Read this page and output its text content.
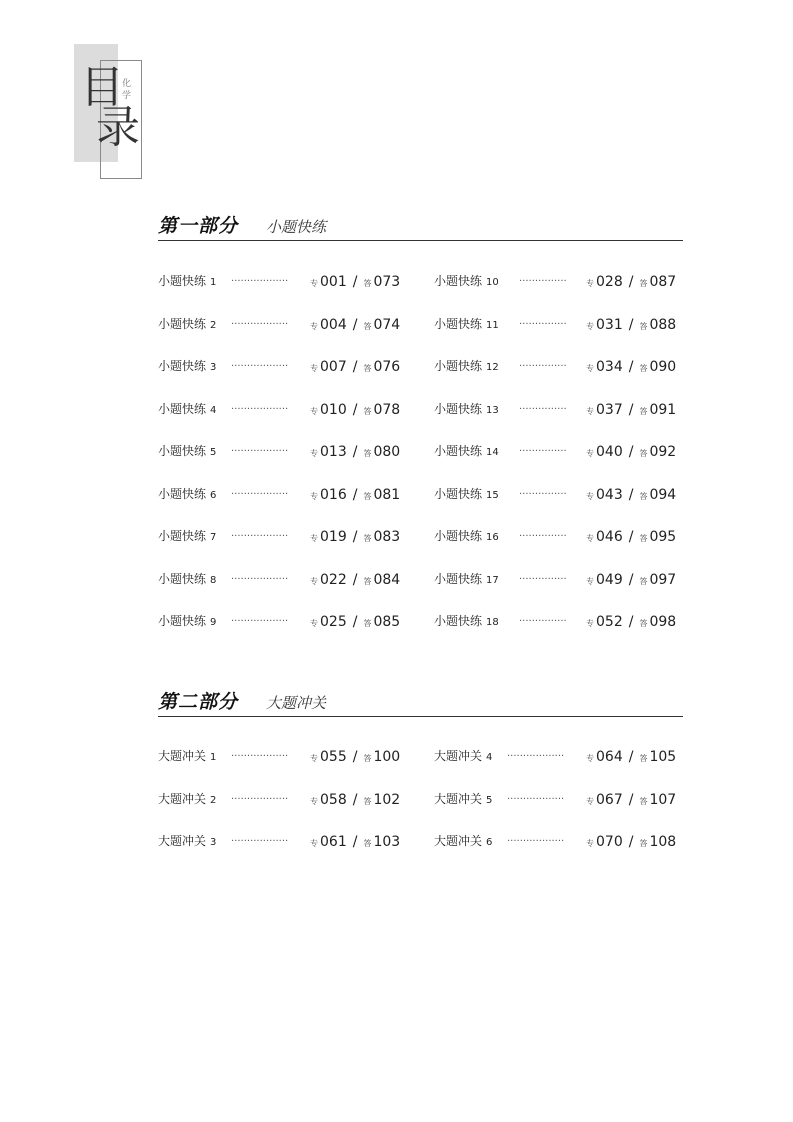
目
录
化学
第一部分 小题快练
第二部分 大题冲关
小题快练 1 ··················	专 001 / 答 073
小题快练 2 ··················	专 004 / 答 074
小题快练 3 ··················	专 007 / 答 076
小题快练 4 ··················	专 010 / 答 078
小题快练 5 ··················	专 013 / 答 080
小题快练 6 ··················	专 016 / 答 081
小题快练 7 ··················	专 019 / 答 083
小题快练 8 ··················	专 022 / 答 084
小题快练 9 ··················	专 025 / 答 085
小题快练 10 ··············· 专 028 / 答 087
小题快练 11 ··············· 专 031 / 答 088
小题快练 12 ··············· 专 034 / 答 090
小题快练 13 ··············· 专 037 / 答 091
小题快练 14 ··············· 专 040 / 答 092
小题快练 15 ··············· 专 043 / 答 094
小题快练 16 ··············· 专 046 / 答 095
小题快练 17 ··············· 专 049 / 答 097
小题快练 18 ··············· 专 052 / 答 098
大题冲关 1 ··················	专 055 / 答 100
大题冲关 2 ··················	专 058 / 答 102
大题冲关 3 ··················	专 061 / 答 103
大题冲关 4 ··················	专 064 / 答 105
大题冲关 5 ··················	专 067 / 答 107
大题冲关 6 ··················	专 070 / 答 108
